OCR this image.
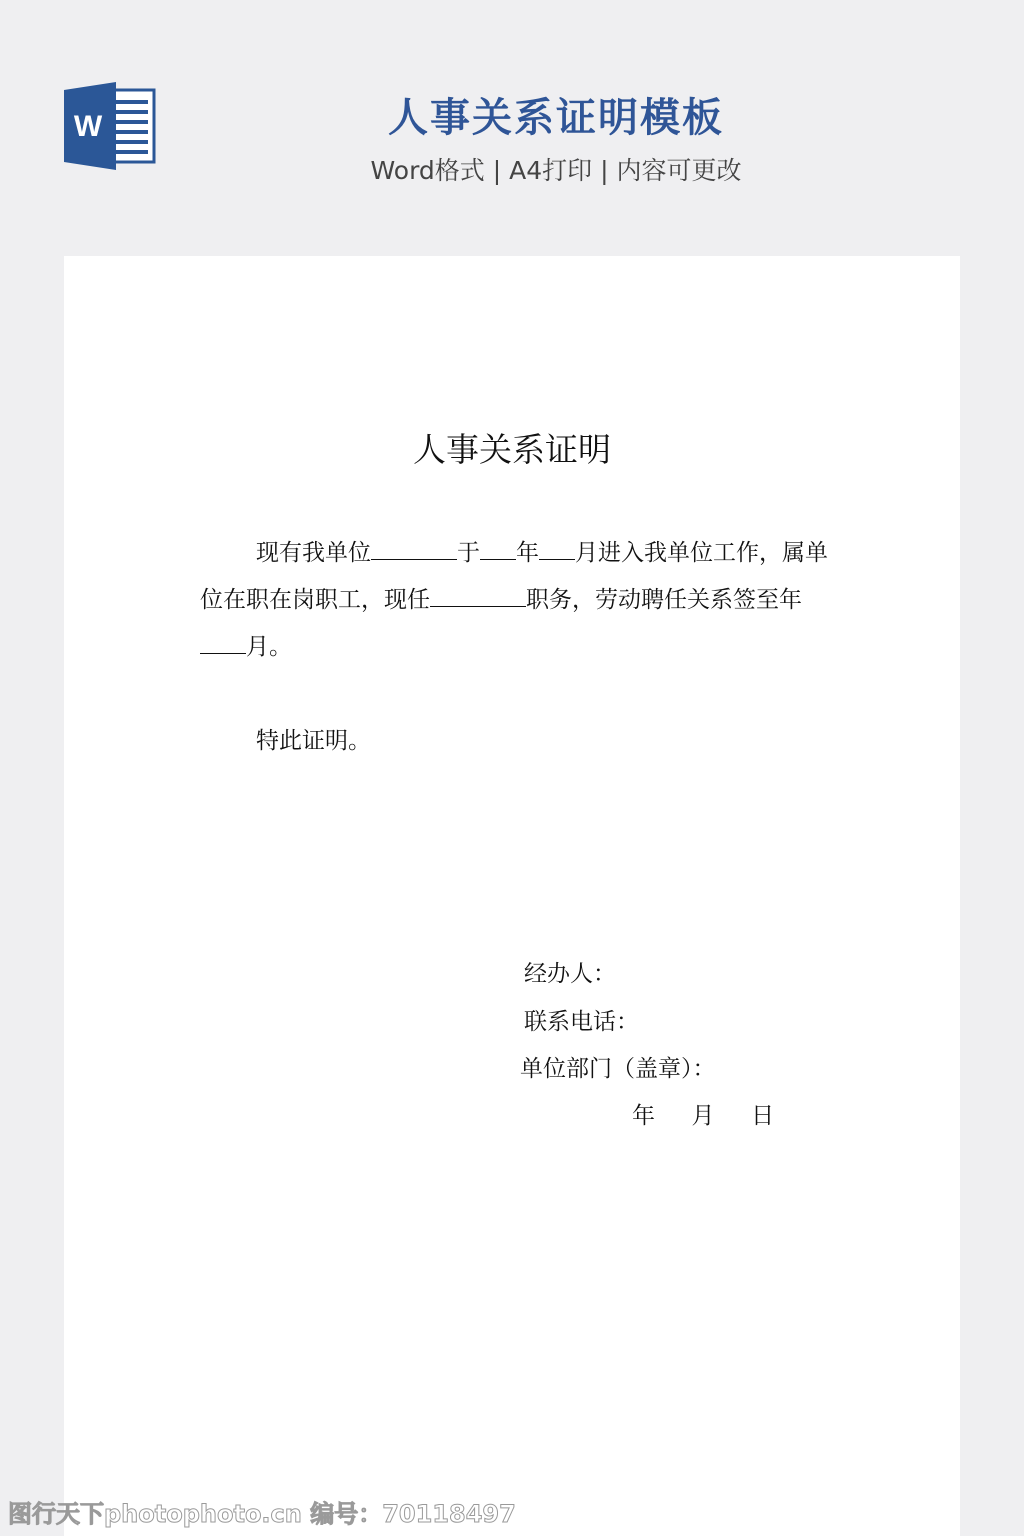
W	人事关系证明模板
Word格式 | A4打印 | 内容可更改
人事关系证明
现有我单位	于 年 月进入我单位工作，属单位在职在岗职工，现任	职务，劳动聘任关系签至年月。
特此证明。
经办人：
联系电话：
单位部门（盖章）：
年     月     日
图行天下photophoto.cn 编号：70118497
